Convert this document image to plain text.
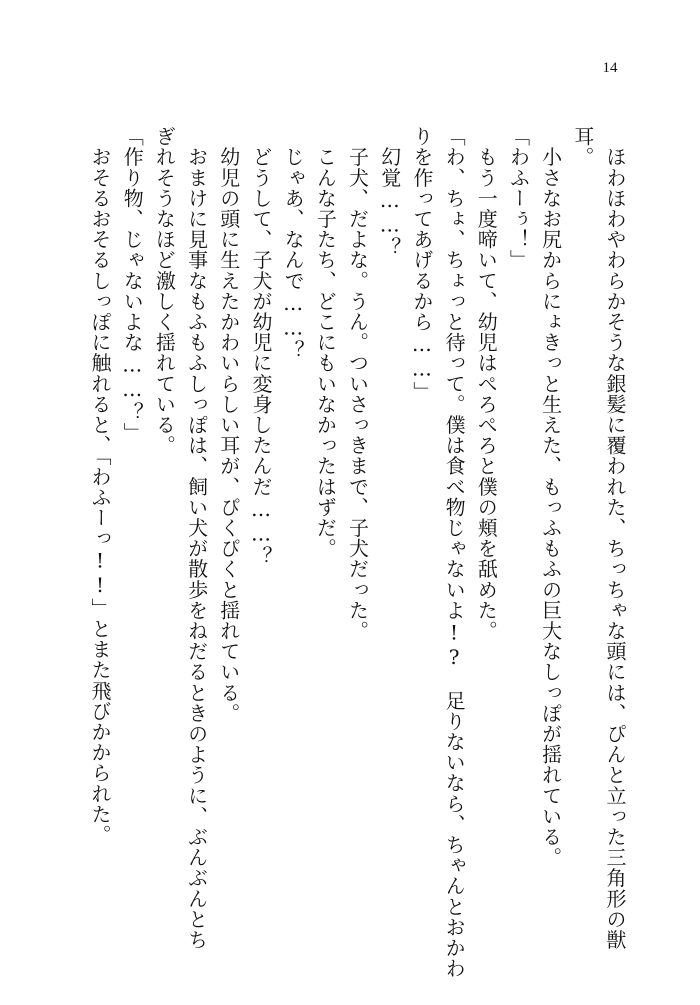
14
　ほわほわやわらかそうな銀髪に覆われた、ちっちゃな頭には、ぴんと立った三角形の獣
耳。
　小さなお尻からにょきっと生えた、もっふもふの巨大なしっぽが揺れている。
「わふーぅ！」
　もう一度啼いて、幼児はぺろぺろと僕の頬を舐めた。
「わ、ちょ、ちょっと待って。僕は食べ物じゃないよ!?　足りないなら、ちゃんとおかわ
りを作ってあげるから……」
　幻覚……？
　子犬、だよな。うん。ついさっきまで、子犬だった。
　こんな子たち、どこにもいなかったはずだ。
　じゃあ、なんで……？
　どうして、子犬が幼児に変身したんだ……？
　幼児の頭に生えたかわいらしい耳が、ぴくぴくと揺れている。
　おまけに見事なもふもふしっぽは、飼い犬が散歩をねだるときのように、ぶんぶんとち
ぎれそうなほど激しく揺れている。
「作り物、じゃないよな……？」
　おそるおそるしっぽに触れると、「わふーっ!!」とまた飛びかかられた。
